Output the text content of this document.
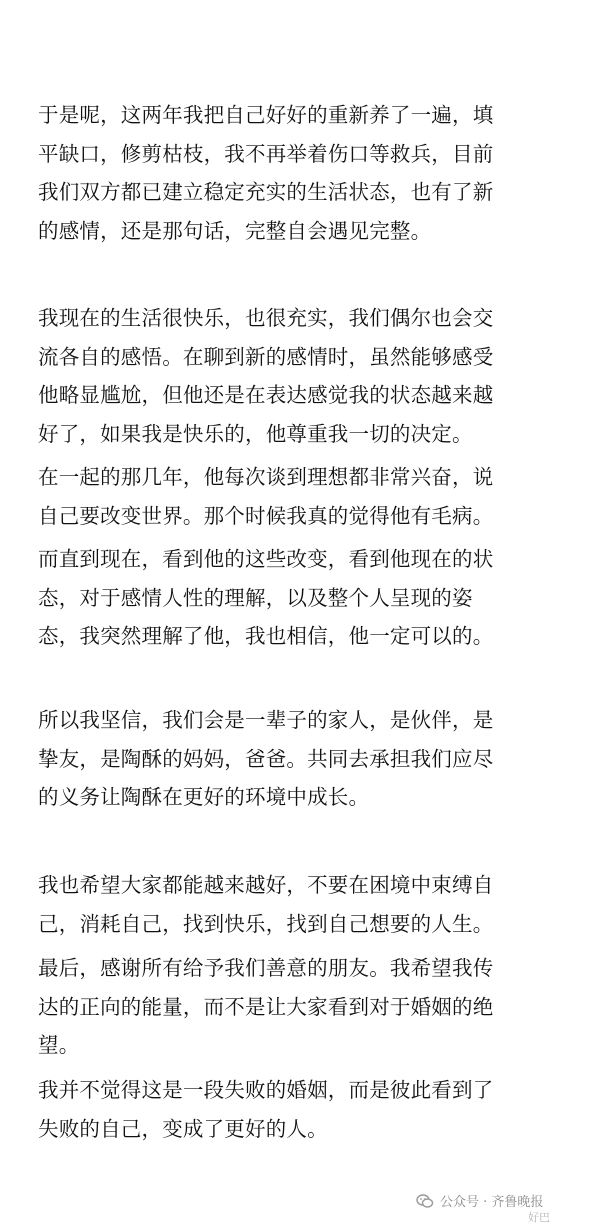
于是呢，这两年我把自己好好的重新养了一遍，填
平缺口，修剪枯枝，我不再举着伤口等救兵，目前
我们双方都已建立稳定充实的生活状态，也有了新
的感情，还是那句话，完整自会遇见完整。
我现在的生活很快乐，也很充实，我们偶尔也会交
流各自的感悟。在聊到新的感情时，虽然能够感受
他略显尴尬，但他还是在表达感觉我的状态越来越
好了，如果我是快乐的，他尊重我一切的决定。
在一起的那几年，他每次谈到理想都非常兴奋，说
自己要改变世界。那个时候我真的觉得他有毛病。
而直到现在，看到他的这些改变，看到他现在的状
态，对于感情人性的理解，以及整个人呈现的姿
态，我突然理解了他，我也相信，他一定可以的。
所以我坚信，我们会是一辈子的家人，是伙伴，是
挚友，是陶酥的妈妈，爸爸。共同去承担我们应尽
的义务让陶酥在更好的环境中成长。
我也希望大家都能越来越好，不要在困境中束缚自
己，消耗自己，找到快乐，找到自己想要的人生。
最后，感谢所有给予我们善意的朋友。我希望我传
达的正向的能量，而不是让大家看到对于婚姻的绝
望。
我并不觉得这是一段失败的婚姻，而是彼此看到了
失败的自己，变成了更好的人。
公众号 · 齐鲁晚报
好巴
